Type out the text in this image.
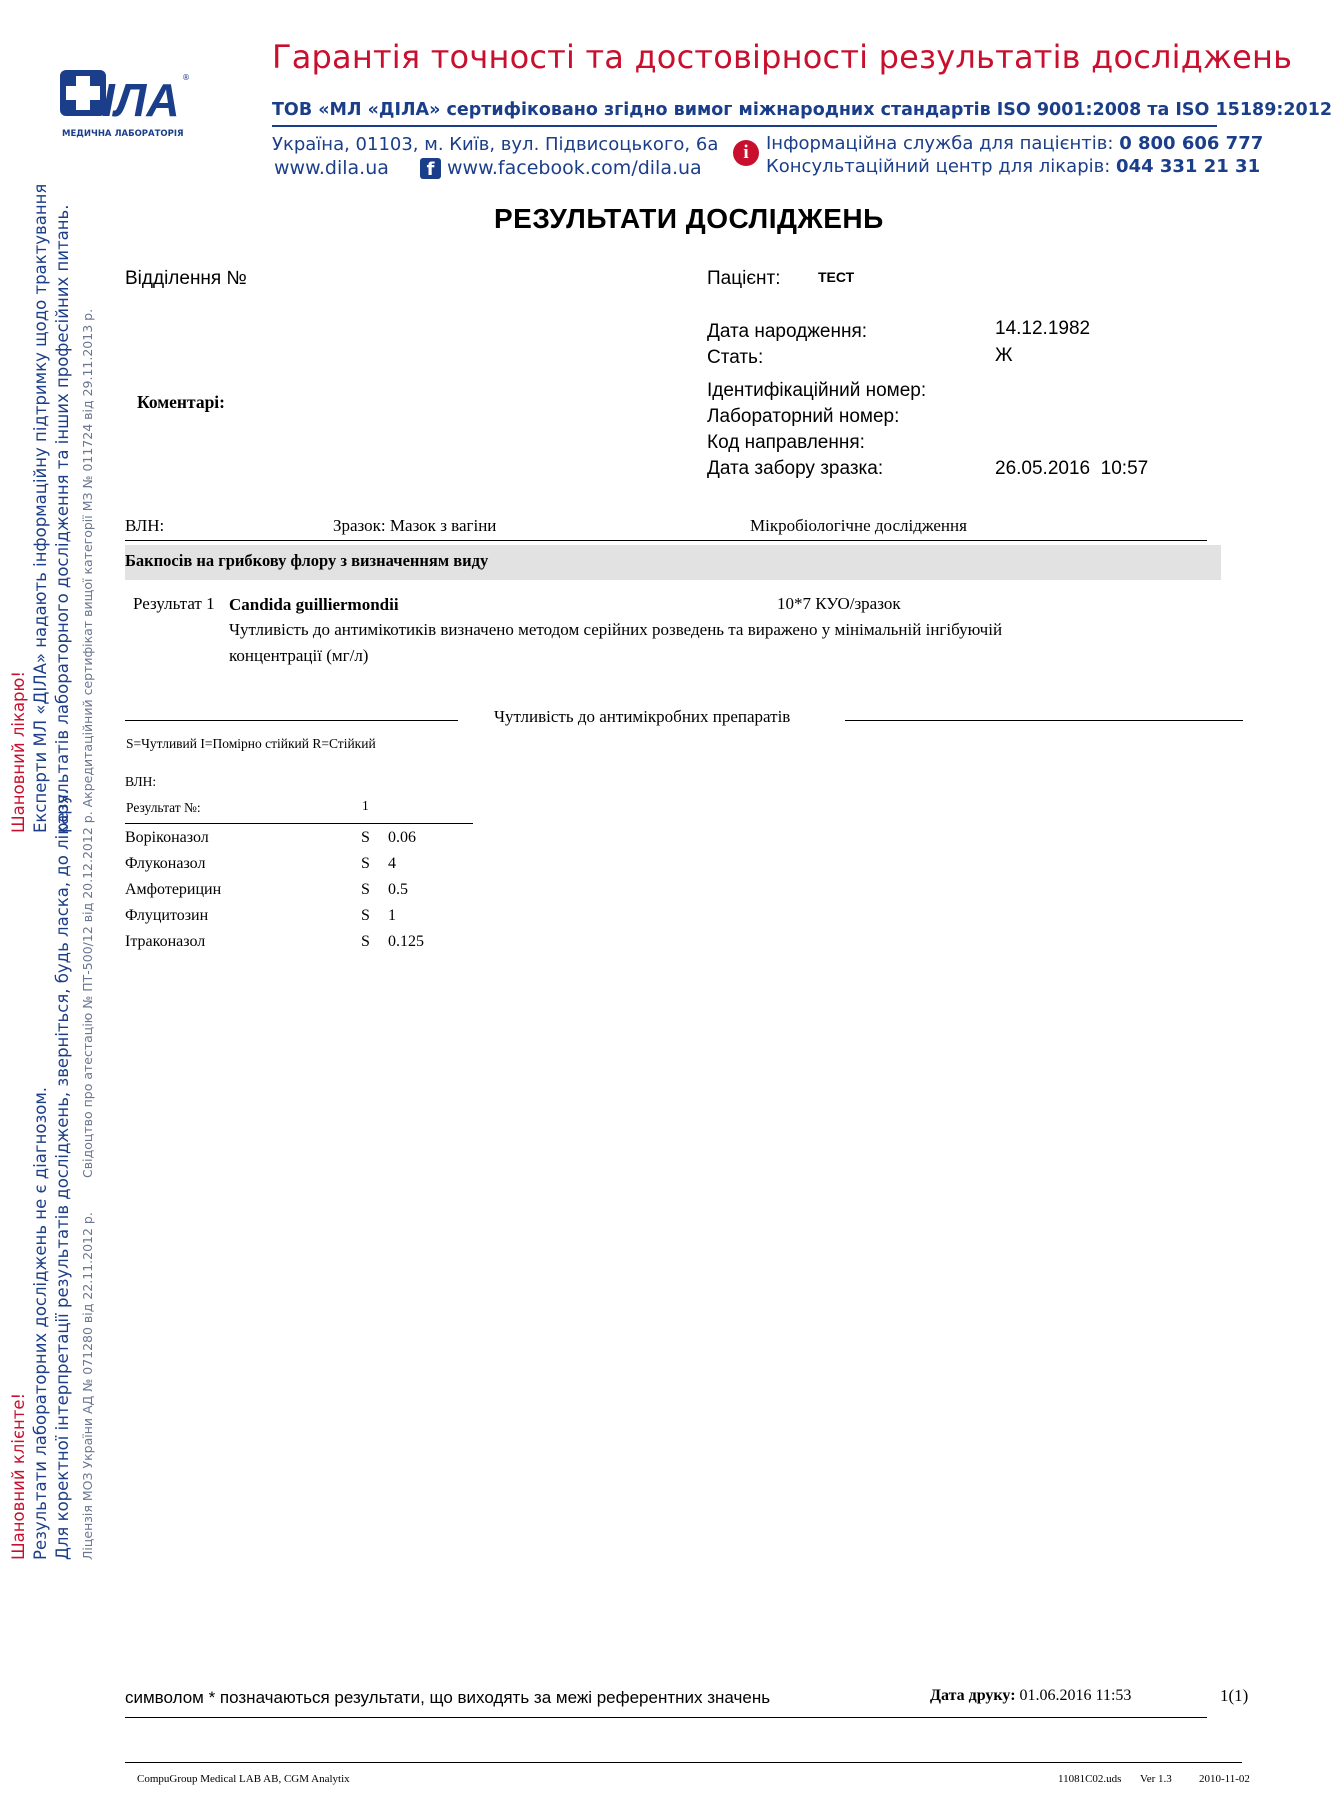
ІЛА ®
МЕДИЧНА ЛАБОРАТОРІЯ
Гарантія точності та достовірності результатів досліджень
ТОВ «МЛ «ДІЛА» сертифіковано згідно вимог міжнародних стандартів ISO 9001:2008 та ISO 15189:2012
Україна, 01103, м. Київ, вул. Підвисоцького, 6а
www.dila.ua	f www.facebook.com/dila.ua
i Інформаційна служба для пацієнтів: 0 800 606 777
Консультаційний центр для лікарів: 044 331 21 31
РЕЗУЛЬТАТИ ДОСЛІДЖЕНЬ
Шановний лікарю! Експерти МЛ «ДІЛА» надають інформаційну підтримку щодо трактування результатів лабораторного дослідження та інших професійних питань.
Шановний клієнте! Результати лабораторних досліджень не є діагнозом. Для коректної інтерпретації результатів досліджень, зверніться, будь ласка, до лікаря. Ліцензія МОЗ України АД № 071280 від 22.11.2012 р.
Свідоцтво про атестацію № ПТ-500/12 від 20.12.2012 р. Акредитаційний сертифікат вищої категорії МЗ № 011724 від 29.11.2013 р.
Відділення №	Пацієнт:	ТЕСТ
Дата народження:	14.12.1982
Стать:	Ж
Ідентифікаційний номер:
Лабораторний номер:
Код направлення:
Дата забору зразка:	26.05.2016 10:57
Коментарі:
ВЛН:	Зразок: Мазок з вагіни	Мікробіологічне дослідження
Бакпосів на грибкову флору з визначенням виду
Результат 1 Candida guilliermondii	10*7 КУО/зразок
Чутливість до антимікотиків визначено методом серійних розведень та виражено у мінімальній інгібуючій
концентрації (мг/л)
Чутливість до антимікробних препаратів
S=Чутливий I=Помірно стійкий R=Стійкий
ВЛН:
Результат №:	1
Воріконазол	S 0.06
Флуконазол	S 4
Амфотерицин	S 0.5
Флуцитозин	S 1
Ітраконазол	S 0.125
символом * позначаються результати, що виходять за межі референтних значень	Дата друку: 01.06.2016 11:53	1(1)
CompuGroup Medical LAB AB, CGM Analytix	11081C02.uds Ver 1.3 2010-11-02
